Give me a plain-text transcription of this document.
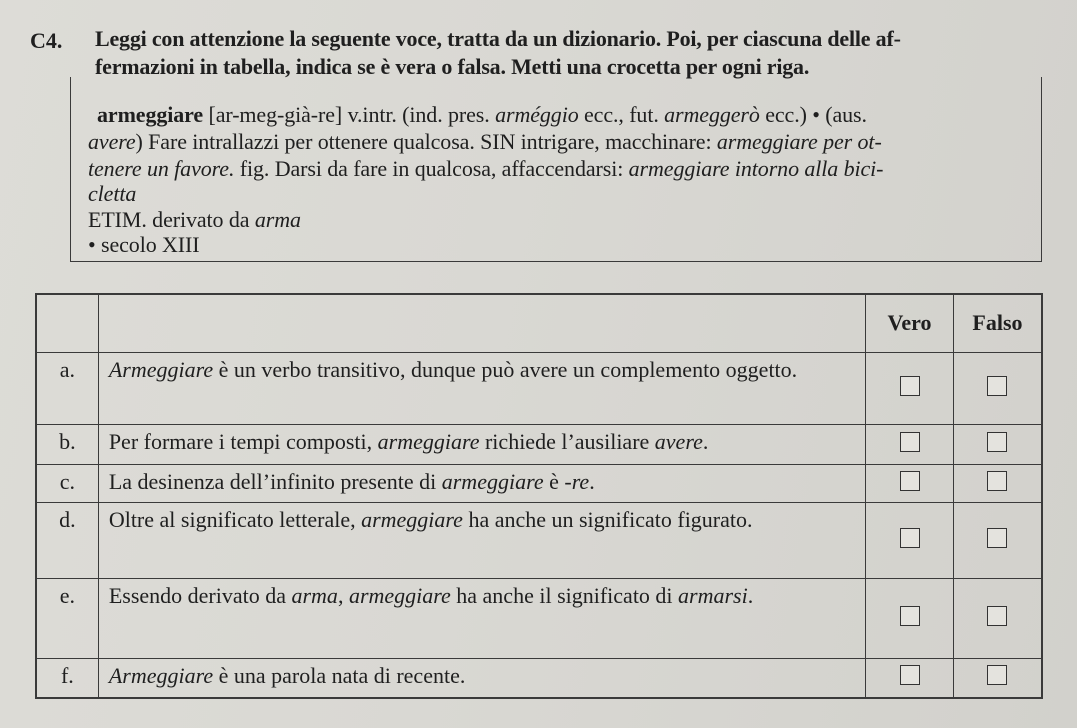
C4. Leggi con attenzione la seguente voce, tratta da un dizionario. Poi, per ciascuna delle af-
fermazioni in tabella, indica se è vera o falsa. Metti una crocetta per ogni riga.
armeggiare [ar-meg-già-re] v.intr. (ind. pres. arméggio ecc., fut. armeggerò ecc.) • (aus.
avere) Fare intrallazzi per ottenere qualcosa. SIN intrigare, macchinare: armeggiare per ot-
tenere un favore. fig. Darsi da fare in qualcosa, affaccendarsi: armeggiare intorno alla bici-
cletta
ETIM. derivato da arma
• secolo XIII
		Vero	Falso
a.	Armeggiare è un verbo transitivo, dunque può avere un complemento oggetto.		
b.	Per formare i tempi composti, armeggiare richiede l’ausiliare avere.		
c.	La desinenza dell’infinito presente di armeggiare è -re.		
d.	Oltre al significato letterale, armeggiare ha anche un significato figurato.		
e.	Essendo derivato da arma, armeggiare ha anche il significato di armarsi.		
f.	Armeggiare è una parola nata di recente.		
